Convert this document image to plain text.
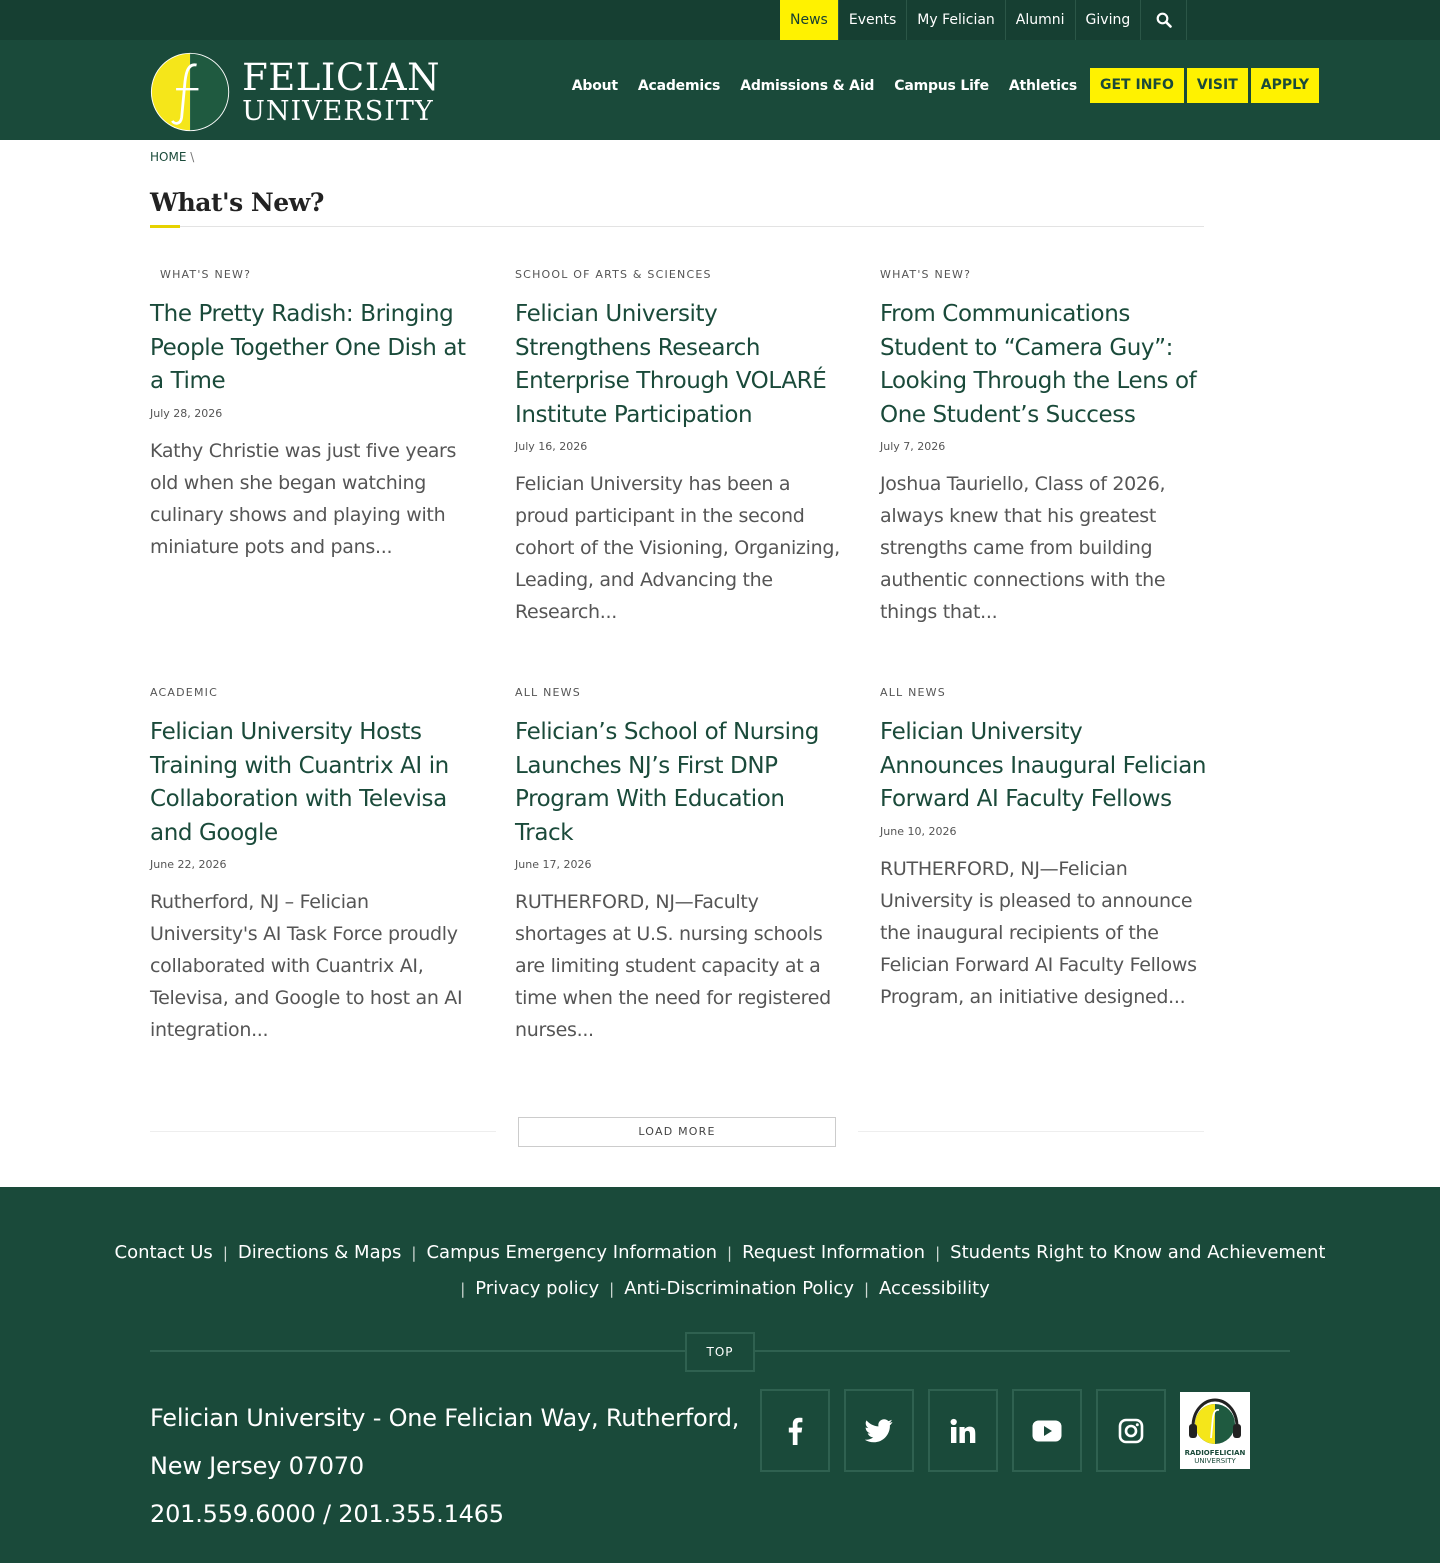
News	Events	My Felician	Alumni	Giving
FELICIAN
UNIVERSITY
About	Academics	Admissions & Aid	Campus Life	Athletics	GET INFO	VISIT	APPLY
HOME \
What's New?
WHAT'S NEW?
The Pretty Radish: Bringing People Together One Dish at a Time
July 28, 2026
Kathy Christie was just five years old when she began watching culinary shows and playing with miniature pots and pans...
SCHOOL OF ARTS & SCIENCES
Felician University Strengthens Research Enterprise Through VOLARÉ Institute Participation
July 16, 2026
Felician University has been a proud participant in the second cohort of the Visioning, Organizing, Leading, and Advancing the Research...
WHAT'S NEW?
From Communications Student to “Camera Guy”: Looking Through the Lens of One Student’s Success
July 7, 2026
Joshua Tauriello, Class of 2026, always knew that his greatest strengths came from building authentic connections with the things that...
ACADEMIC
Felician University Hosts Training with Cuantrix AI in Collaboration with Televisa and Google
June 22, 2026
Rutherford, NJ – Felician University's AI Task Force proudly collaborated with Cuantrix AI, Televisa, and Google to host an AI integration...
ALL NEWS
Felician’s School of Nursing Launches NJ’s First DNP Program With Education Track
June 17, 2026
RUTHERFORD, NJ—Faculty shortages at U.S. nursing schools are limiting student capacity at a time when the need for registered nurses...
ALL NEWS
Felician University Announces Inaugural Felician Forward AI Faculty Fellows
June 10, 2026
RUTHERFORD, NJ—Felician University is pleased to announce the inaugural recipients of the Felician Forward AI Faculty Fellows Program, an initiative designed...
LOAD MORE
Contact Us | Directions & Maps | Campus Emergency Information | Request Information | Students Right to Know and Achievement
| Privacy policy | Anti-Discrimination Policy | Accessibility
TOP
Felician University - One Felician Way, Rutherford,
New Jersey 07070
201.559.6000 / 201.355.1465
RADIOFELICIAN
UNIVERSITY
